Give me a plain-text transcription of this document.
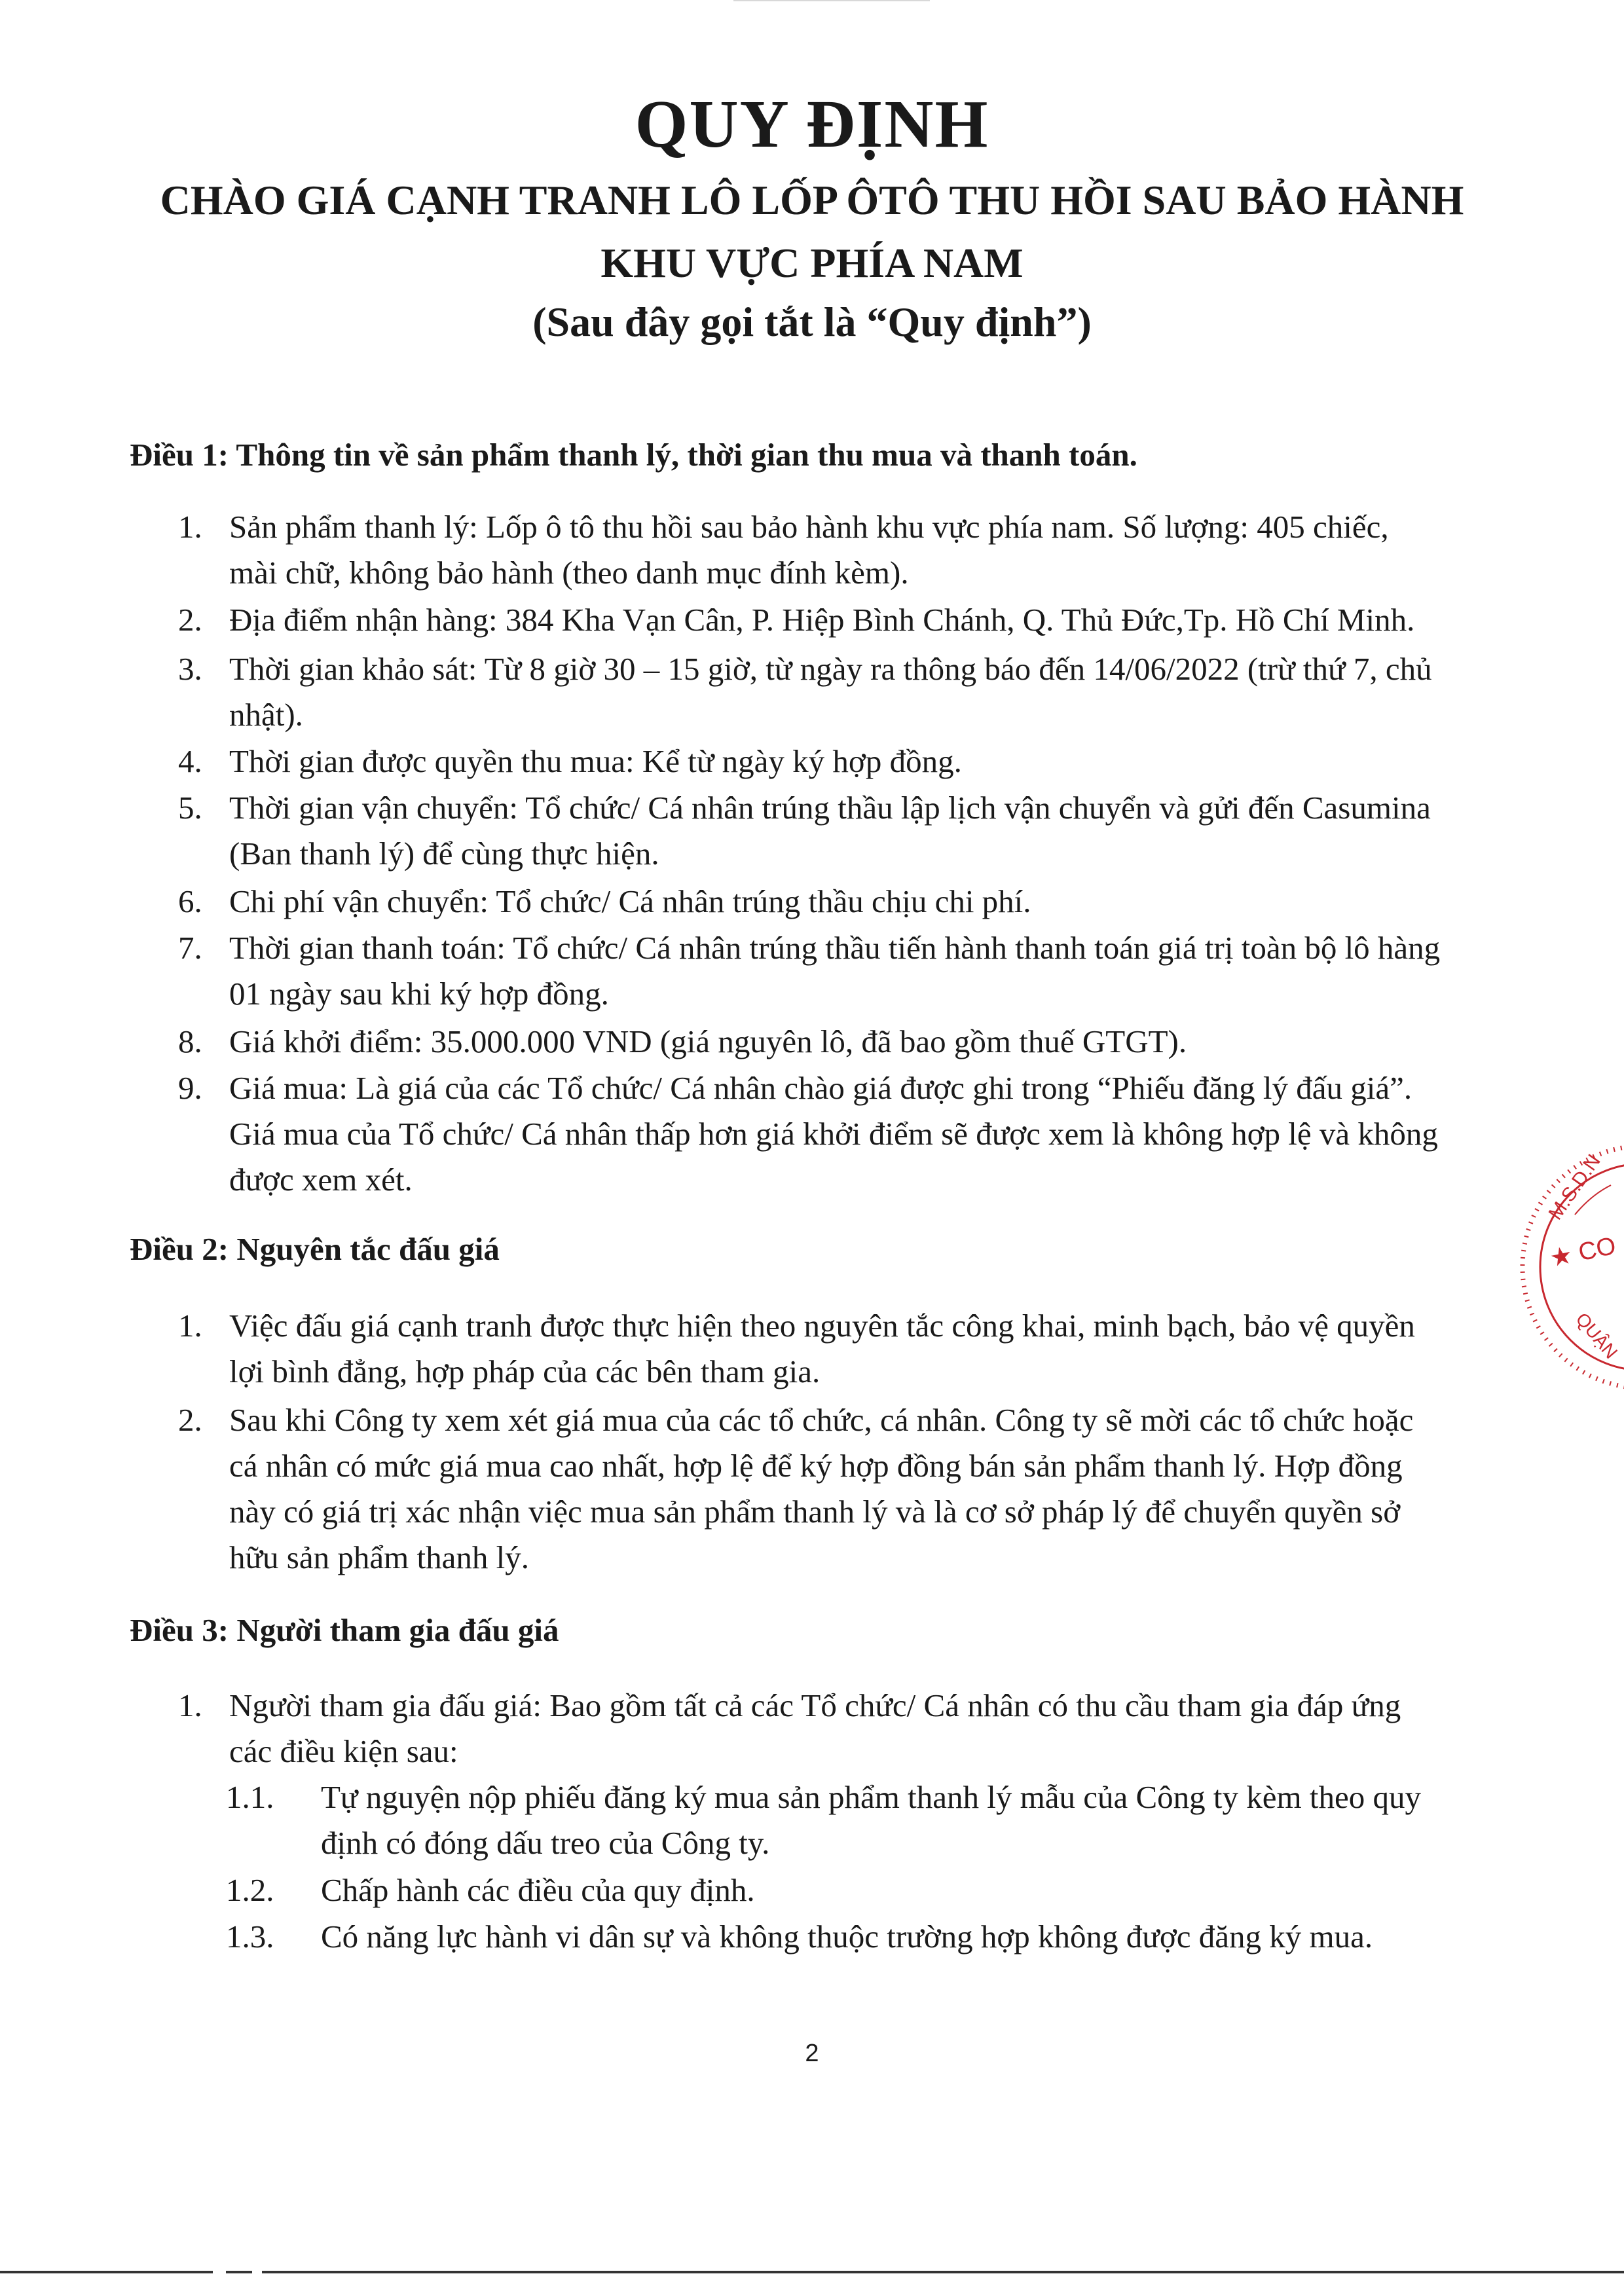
QUY ĐỊNH
CHÀO GIÁ CẠNH TRANH LÔ LỐP ÔTÔ THU HỒI SAU BẢO HÀNH
KHU VỰC PHÍA NAM
(Sau đây gọi tắt là “Quy định”)
Điều 1: Thông tin về sản phẩm thanh lý, thời gian thu mua và thanh toán.
1. Sản phẩm thanh lý: Lốp ô tô thu hồi sau bảo hành khu vực phía nam. Số lượng: 405 chiếc,
mài chữ, không bảo hành (theo danh mục đính kèm).
2. Địa điểm nhận hàng: 384 Kha Vạn Cân, P. Hiệp Bình Chánh, Q. Thủ Đức,Tp. Hồ Chí Minh.
3. Thời gian khảo sát: Từ 8 giờ 30 – 15 giờ, từ ngày ra thông báo đến 14/06/2022 (trừ thứ 7, chủ
nhật).
4. Thời gian được quyền thu mua: Kể từ ngày ký hợp đồng.
5. Thời gian vận chuyển: Tổ chức/ Cá nhân trúng thầu lập lịch vận chuyển và gửi đến Casumina
(Ban thanh lý) để cùng thực hiện.
6. Chi phí vận chuyển: Tổ chức/ Cá nhân trúng thầu chịu chi phí.
7. Thời gian thanh toán: Tổ chức/ Cá nhân trúng thầu tiến hành thanh toán giá trị toàn bộ lô hàng
01 ngày sau khi ký hợp đồng.
8. Giá khởi điểm: 35.000.000 VND (giá nguyên lô, đã bao gồm thuế GTGT).
9. Giá mua: Là giá của các Tổ chức/ Cá nhân chào giá được ghi trong “Phiếu đăng lý đấu giá”.
Giá mua của Tổ chức/ Cá nhân thấp hơn giá khởi điểm sẽ được xem là không hợp lệ và không
được xem xét.
Điều 2: Nguyên tắc đấu giá
1. Việc đấu giá cạnh tranh được thực hiện theo nguyên tắc công khai, minh bạch, bảo vệ quyền
lợi bình đẳng, hợp pháp của các bên tham gia.
2. Sau khi Công ty xem xét giá mua của các tổ chức, cá nhân. Công ty sẽ mời các tổ chức hoặc
cá nhân có mức giá mua cao nhất, hợp lệ để ký hợp đồng bán sản phẩm thanh lý. Hợp đồng
này có giá trị xác nhận việc mua sản phẩm thanh lý và là cơ sở pháp lý để chuyển quyền sở
hữu sản phẩm thanh lý.
Điều 3: Người tham gia đấu giá
1. Người tham gia đấu giá: Bao gồm tất cả các Tổ chức/ Cá nhân có thu cầu tham gia đáp ứng
các điều kiện sau:
1.1. Tự nguyện nộp phiếu đăng ký mua sản phẩm thanh lý mẫu của Công ty kèm theo quy
định có đóng dấu treo của Công ty.
1.2. Chấp hành các điều của quy định.
1.3. Có năng lực hành vi dân sự và không thuộc trường hợp không được đăng ký mua.
★ CO
M.S.D.N
QUẬN
2
